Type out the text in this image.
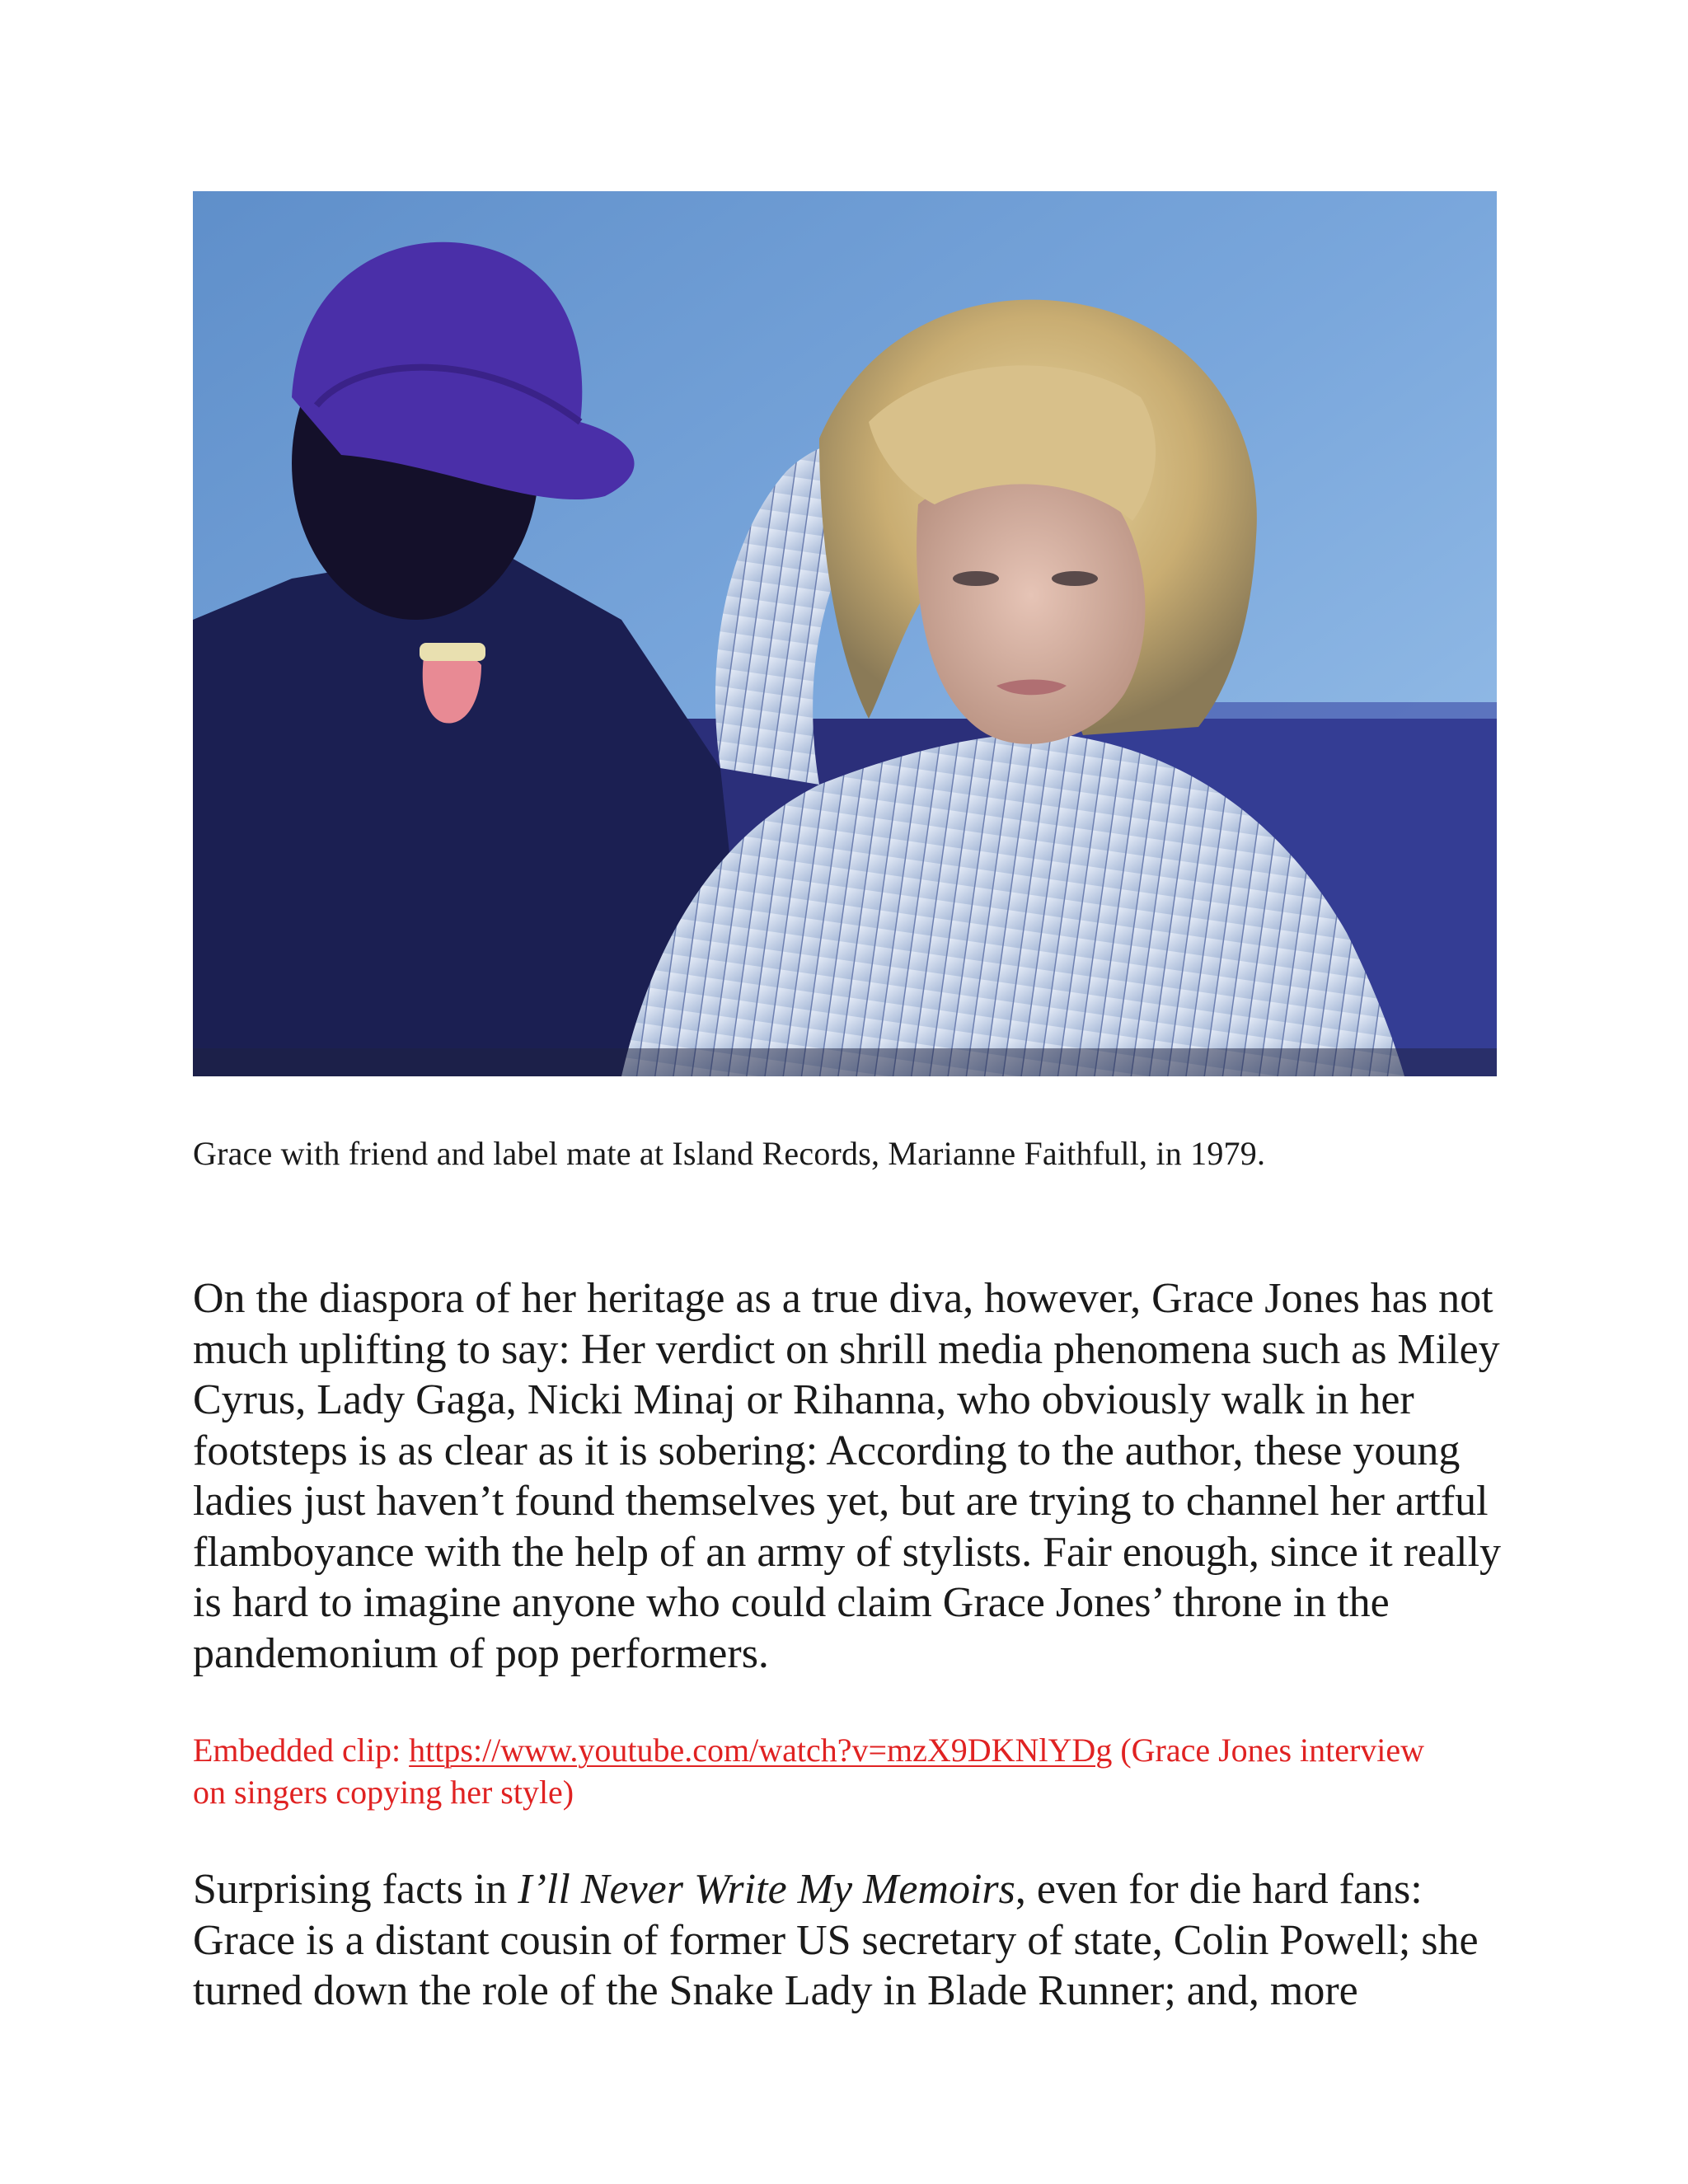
Grace with friend and label mate at Island Records, Marianne Faithfull, in 1979.

On the diaspora of her heritage as a true diva, however, Grace Jones has not much uplifting to say: Her verdict on shrill media phenomena such as Miley Cyrus, Lady Gaga, Nicki Minaj or Rihanna, who obviously walk in her footsteps is as clear as it is sobering: According to the author, these young ladies just haven’t found themselves yet, but are trying to channel her artful flamboyance with the help of an army of stylists. Fair enough, since it really is hard to imagine anyone who could claim Grace Jones’ throne in the pandemonium of pop performers.

Embedded clip: https://www.youtube.com/watch?v=mzX9DKNlYDg (Grace Jones interview on singers copying her style)

Surprising facts in I’ll Never Write My Memoirs, even for die hard fans: Grace is a distant cousin of former US secretary of state, Colin Powell; she turned down the role of the Snake Lady in Blade Runner; and, more
